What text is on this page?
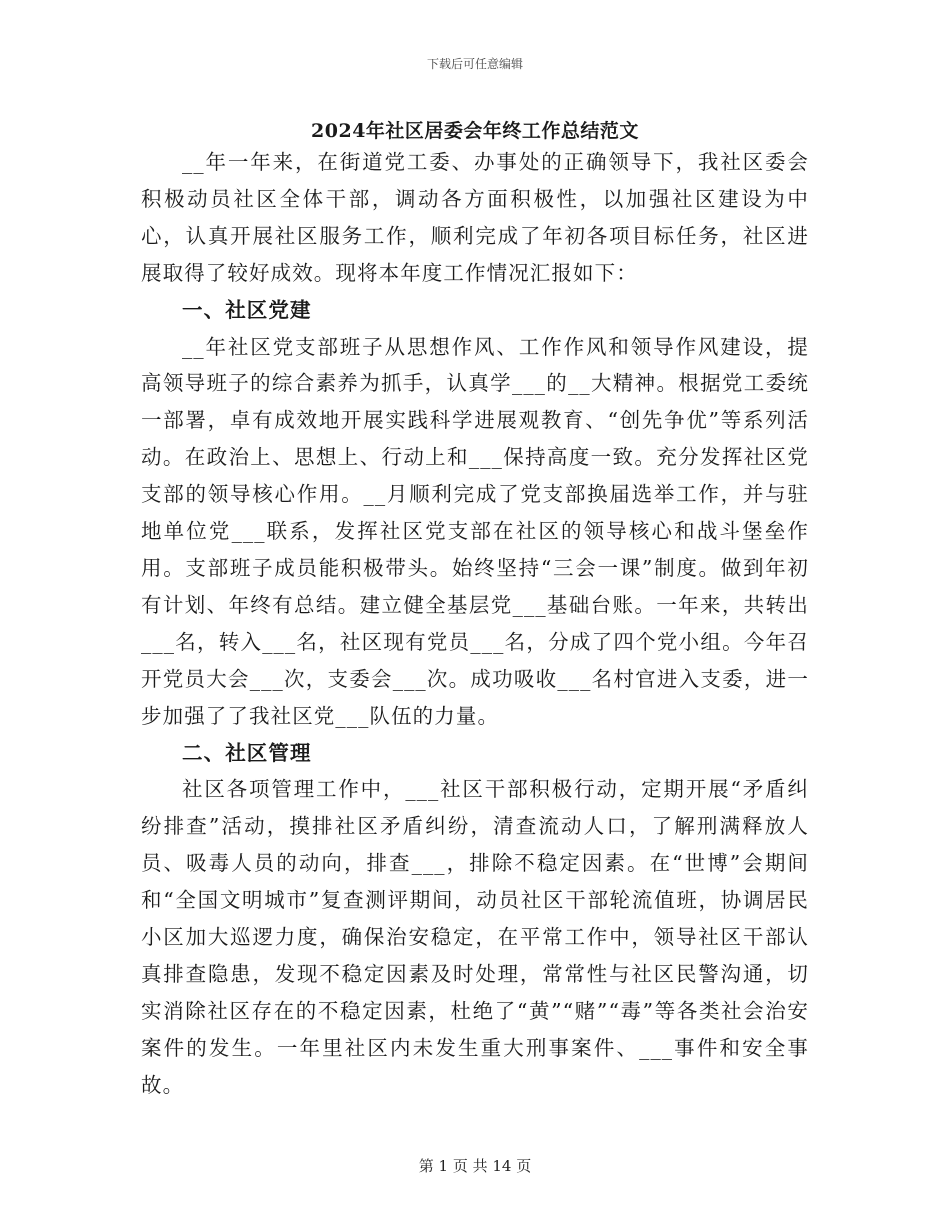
下载后可任意编辑
2024年社区居委会年终工作总结范文

__年一年来，在街道党工委、办事处的正确领导下，我社区委会积极动员社区全体干部，调动各方面积极性，以加强社区建设为中心，认真开展社区服务工作，顺利完成了年初各项目标任务，社区进展取得了较好成效。现将本年度工作情况汇报如下：

一、社区党建

__年社区党支部班子从思想作风、工作作风和领导作风建设，提高领导班子的综合素养为抓手，认真学___的__大精神。根据党工委统一部署，卓有成效地开展实践科学进展观教育、“创先争优”等系列活动。在政治上、思想上、行动上和___保持高度一致。充分发挥社区党支部的领导核心作用。__月顺利完成了党支部换届选举工作，并与驻地单位党___联系，发挥社区党支部在社区的领导核心和战斗堡垒作用。支部班子成员能积极带头。始终坚持“三会一课”制度。做到年初有计划、年终有总结。建立健全基层党___基础台账。一年来，共转出___名，转入___名，社区现有党员___名，分成了四个党小组。今年召开党员大会___次，支委会___次。成功吸收___名村官进入支委，进一步加强了了我社区党___队伍的力量。

二、社区管理

社区各项管理工作中，___社区干部积极行动，定期开展“矛盾纠纷排查”活动，摸排社区矛盾纠纷，清查流动人口，了解刑满释放人员、吸毒人员的动向，排查___，排除不稳定因素。在“世博”会期间和“全国文明城市”复查测评期间，动员社区干部轮流值班，协调居民小区加大巡逻力度，确保治安稳定，在平常工作中，领导社区干部认真排查隐患，发现不稳定因素及时处理，常常性与社区民警沟通，切实消除社区存在的不稳定因素，杜绝了“黄”“赌”“毒”等各类社会治安案件的发生。一年里社区内未发生重大刑事案件、___事件和安全事故。

第 1 页 共 14 页
